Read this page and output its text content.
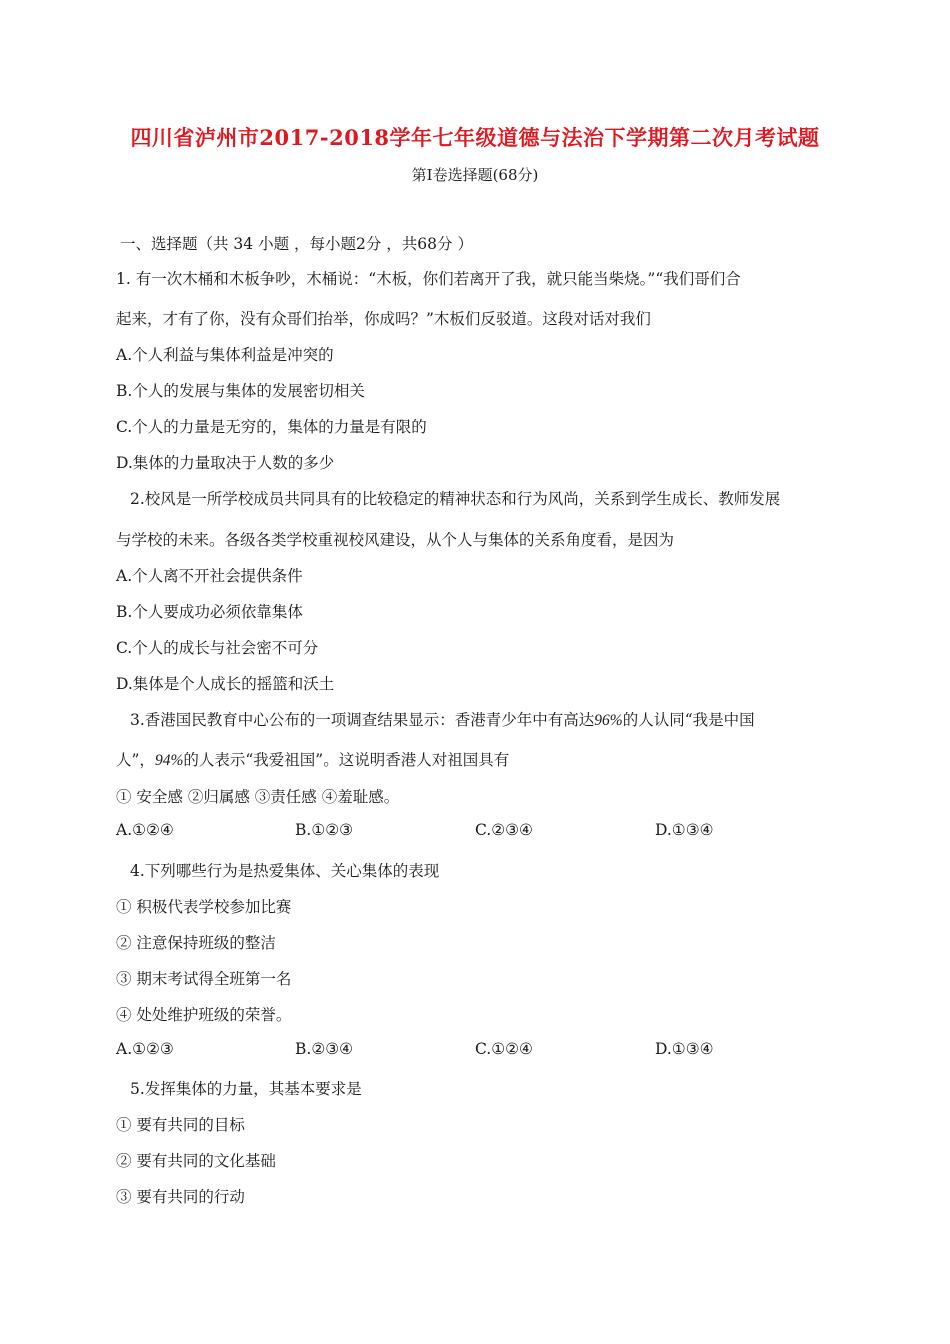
四川省泸州市2017-2018学年七年级道德与法治下学期第二次月考试题
第Ⅰ卷选择题(68分)
一、选择题（共 34 小题 ，每小题2分 ，共68分 ）
1. 有一次木桶和木板争吵，木桶说：“木板，你们若离开了我，就只能当柴烧。”“我们哥们合
起来，才有了你，没有众哥们抬举，你成吗？”木板们反驳道。这段对话对我们
A.个人利益与集体利益是冲突的
B.个人的发展与集体的发展密切相关
C.个人的力量是无穷的，集体的力量是有限的
D.集体的力量取决于人数的多少
2.校风是一所学校成员共同具有的比较稳定的精神状态和行为风尚，关系到学生成长、教师发展
与学校的未来。各级各类学校重视校风建设，从个人与集体的关系角度看，是因为
A.个人离不开社会提供条件
B.个人要成功必须依靠集体
C.个人的成长与社会密不可分
D.集体是个人成长的摇篮和沃土
3.香港国民教育中心公布的一项调查结果显示：香港青少年中有高达96%的人认同“我是中国
人”，94%的人表示“我爱祖国”。这说明香港人对祖国具有
① 安全感 ②归属感 ③责任感 ④羞耻感。
A.①②④	B.①②③	C.②③④	D.①③④
4.下列哪些行为是热爱集体、关心集体的表现
① 积极代表学校参加比赛
② 注意保持班级的整洁
③ 期末考试得全班第一名
④ 处处维护班级的荣誉。
A.①②③	B.②③④	C.①②④	D.①③④
5.发挥集体的力量，其基本要求是
① 要有共同的目标
② 要有共同的文化基础
③ 要有共同的行动
